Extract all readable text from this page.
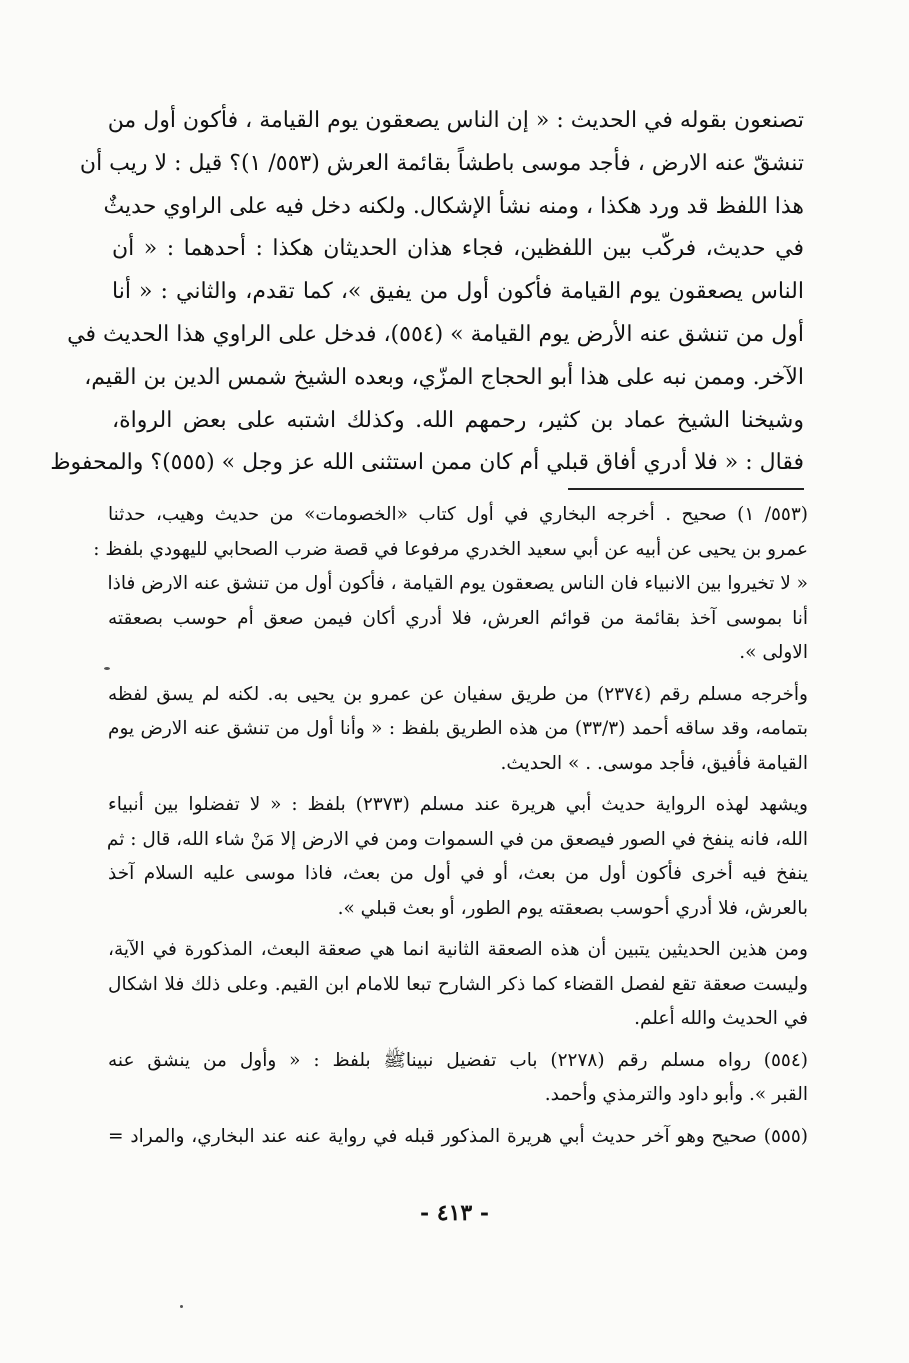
تصنعون بقوله في الحديث : « إن الناس يصعقون يوم القيامة ، فأكون أول من
تنشقّ عنه الارض ، فأجد موسى باطشاً بقائمة العرش (٥٥٣/ ١)؟ قيل : لا ريب أن
هذا اللفظ قد ورد هكذا ، ومنه نشأ الإشكال. ولكنه دخل فيه على الراوي حديثٌ
في حديث، فركّب بين اللفظين، فجاء هذان الحديثان هكذا : أحدهما : « أن
الناس يصعقون يوم القيامة فأكون أول من يفيق »، كما تقدم، والثاني : « أنا
أول من تنشق عنه الأرض يوم القيامة » (٥٥٤)، فدخل على الراوي هذا الحديث في
الآخر. وممن نبه على هذا أبو الحجاج المزّي، وبعده الشيخ شمس الدين بن القيم،
وشيخنا الشيخ عماد بن كثير، رحمهم الله. وكذلك اشتبه على بعض الرواة،
فقال : « فلا أدري أفاق قبلي أم كان ممن استثنى الله عز وجل » (٥٥٥)؟ والمحفوظ
(٥٥٣/ ١) صحيح . أخرجه البخاري في أول كتاب «الخصومات» من حديث وهيب، حدثنا
عمرو بن يحيى عن أبيه عن أبي سعيد الخدري مرفوعا في قصة ضرب الصحابي لليهودي بلفظ :
« لا تخيروا بين الانبياء فان الناس يصعقون يوم القيامة ، فأكون أول من تنشق عنه الارض فاذا
أنا بموسى آخذ بقائمة من قوائم العرش، فلا أدري أكان فيمن صعق أم حوسب بصعقته
الاولى ».
وأخرجه مسلم رقم (٢٣٧٤) من طريق سفيان عن عمرو بن يحيى به. لكنه لم يسق لفظه
بتمامه، وقد ساقه أحمد (٣٣/٣) من هذه الطريق بلفظ : « وأنا أول من تنشق عنه الارض يوم
القيامة فأفيق، فأجد موسى. . » الحديث.
ويشهد لهذه الرواية حديث أبي هريرة عند مسلم (٢٣٧٣) بلفظ : « لا تفضلوا بين أنبياء
الله، فانه ينفخ في الصور فيصعق من في السموات ومن في الارض إلا مَنْ شاء الله، قال : ثم
ينفخ فيه أخرى فأكون أول من بعث، أو في أول من بعث، فاذا موسى عليه السلام آخذ
بالعرش، فلا أدري أحوسب بصعقته يوم الطور، أو بعث قبلي ».
ومن هذين الحديثين يتبين أن هذه الصعقة الثانية انما هي صعقة البعث، المذكورة في الآية،
وليست صعقة تقع لفصل القضاء كما ذكر الشارح تبعا للامام ابن القيم. وعلى ذلك فلا اشكال
في الحديث والله أعلم.
(٥٥٤) رواه مسلم رقم (٢٢٧٨) باب تفضيل نبيناﷺ بلفظ : « وأول من ينشق عنه
القبر ». وأبو داود والترمذي وأحمد.
(٥٥٥) صحيح وهو آخر حديث أبي هريرة المذكور قبله في رواية عنه عند البخاري، والمراد =
- ٤١٣ -
